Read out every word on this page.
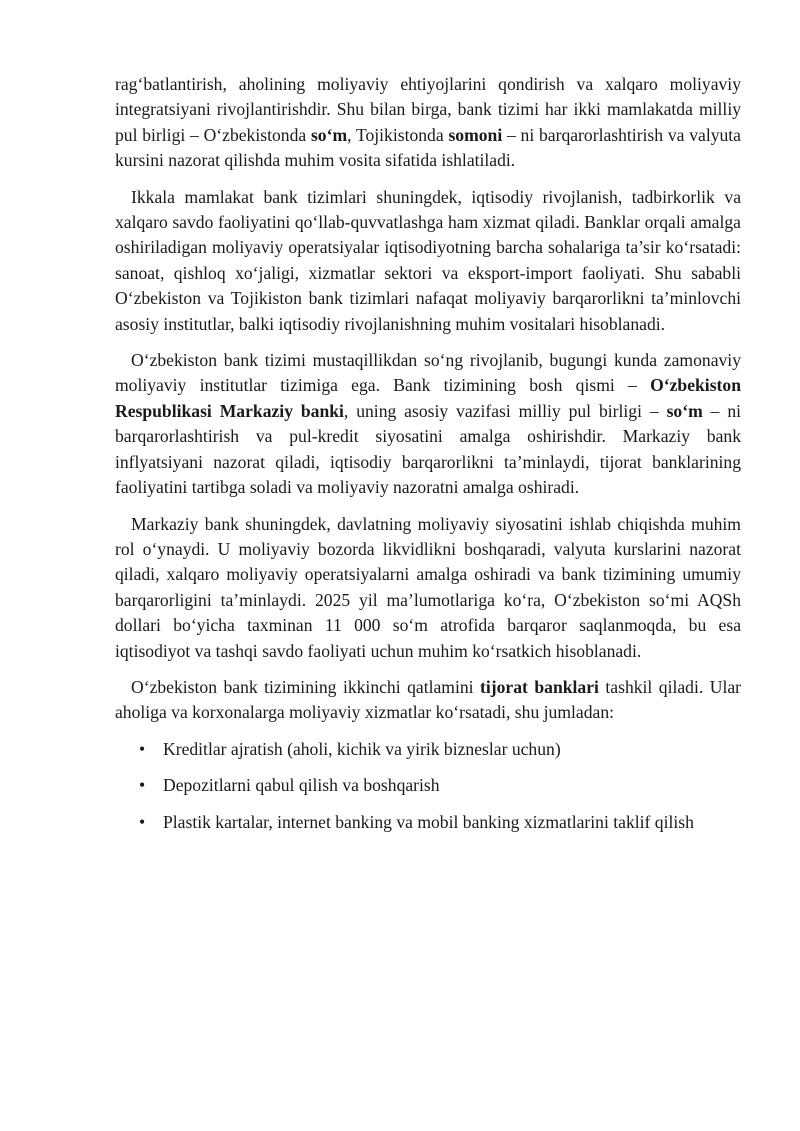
rag‘batlantirish, aholining moliyaviy ehtiyojlarini qondirish va xalqaro moliyaviy integratsiyani rivojlantirishdir. Shu bilan birga, bank tizimi har ikki mamlakatda milliy pul birligi – O‘zbekistonda so‘m, Tojikistonda somoni – ni barqarorlashtirish va valyuta kursini nazorat qilishda muhim vosita sifatida ishlatiladi.

Ikkala mamlakat bank tizimlari shuningdek, iqtisodiy rivojlanish, tadbirkorlik va xalqaro savdo faoliyatini qo‘llab-quvvatlashga ham xizmat qiladi. Banklar orqali amalga oshiriladigan moliyaviy operatsiyalar iqtisodiyotning barcha sohalariga ta’sir ko‘rsatadi: sanoat, qishloq xo‘jaligi, xizmatlar sektori va eksport-import faoliyati. Shu sababli O‘zbekiston va Tojikiston bank tizimlari nafaqat moliyaviy barqarorlikni ta’minlovchi asosiy institutlar, balki iqtisodiy rivojlanishning muhim vositalari hisoblanadi.

O‘zbekiston bank tizimi mustaqillikdan so‘ng rivojlanib, bugungi kunda zamonaviy moliyaviy institutlar tizimiga ega. Bank tizimining bosh qismi – O‘zbekiston Respublikasi Markaziy banki, uning asosiy vazifasi milliy pul birligi – so‘m – ni barqarorlashtirish va pul-kredit siyosatini amalga oshirishdir. Markaziy bank inflyatsiyani nazorat qiladi, iqtisodiy barqarorlikni ta’minlaydi, tijorat banklarining faoliyatini tartibga soladi va moliyaviy nazoratni amalga oshiradi.

Markaziy bank shuningdek, davlatning moliyaviy siyosatini ishlab chiqishda muhim rol o‘ynaydi. U moliyaviy bozorda likvidlikni boshqaradi, valyuta kurslarini nazorat qiladi, xalqaro moliyaviy operatsiyalarni amalga oshiradi va bank tizimining umumiy barqarorligini ta’minlaydi. 2025 yil ma’lumotlariga ko‘ra, O‘zbekiston so‘mi AQSh dollari bo‘yicha taxminan 11 000 so‘m atrofida barqaror saqlanmoqda, bu esa iqtisodiyot va tashqi savdo faoliyati uchun muhim ko‘rsatkich hisoblanadi.

O‘zbekiston bank tizimining ikkinchi qatlamini tijorat banklari tashkil qiladi. Ular aholiga va korxonalarga moliyaviy xizmatlar ko‘rsatadi, shu jumladan:

• Kreditlar ajratish (aholi, kichik va yirik bizneslar uchun)
• Depozitlarni qabul qilish va boshqarish
• Plastik kartalar, internet banking va mobil banking xizmatlarini taklif qilish
